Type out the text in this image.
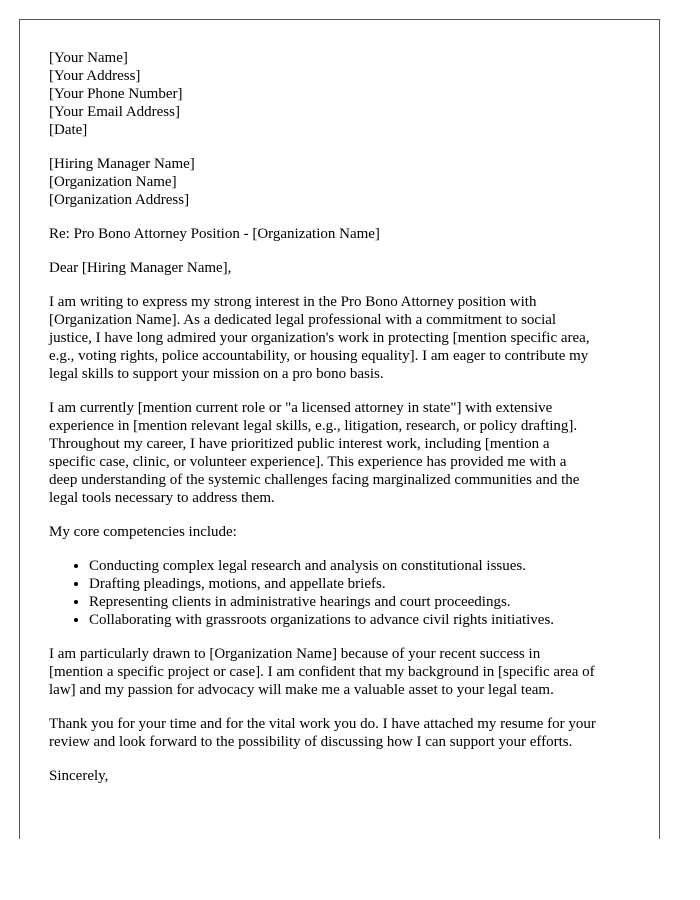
[Your Name]
[Your Address]
[Your Phone Number]
[Your Email Address]
[Date]
[Hiring Manager Name]
[Organization Name]
[Organization Address]

Re: Pro Bono Attorney Position - [Organization Name]

Dear [Hiring Manager Name],

I am writing to express my strong interest in the Pro Bono Attorney position with
[Organization Name]. As a dedicated legal professional with a commitment to social
justice, I have long admired your organization's work in protecting [mention specific area,
e.g., voting rights, police accountability, or housing equality]. I am eager to contribute my
legal skills to support your mission on a pro bono basis.

I am currently [mention current role or "a licensed attorney in state"] with extensive
experience in [mention relevant legal skills, e.g., litigation, research, or policy drafting].
Throughout my career, I have prioritized public interest work, including [mention a
specific case, clinic, or volunteer experience]. This experience has provided me with a
deep understanding of the systemic challenges facing marginalized communities and the
legal tools necessary to address them.

My core competencies include:

• Conducting complex legal research and analysis on constitutional issues.
• Drafting pleadings, motions, and appellate briefs.
• Representing clients in administrative hearings and court proceedings.
• Collaborating with grassroots organizations to advance civil rights initiatives.

I am particularly drawn to [Organization Name] because of your recent success in
[mention a specific project or case]. I am confident that my background in [specific area of
law] and my passion for advocacy will make me a valuable asset to your legal team.

Thank you for your time and for the vital work you do. I have attached my resume for your
review and look forward to the possibility of discussing how I can support your efforts.

Sincerely,
